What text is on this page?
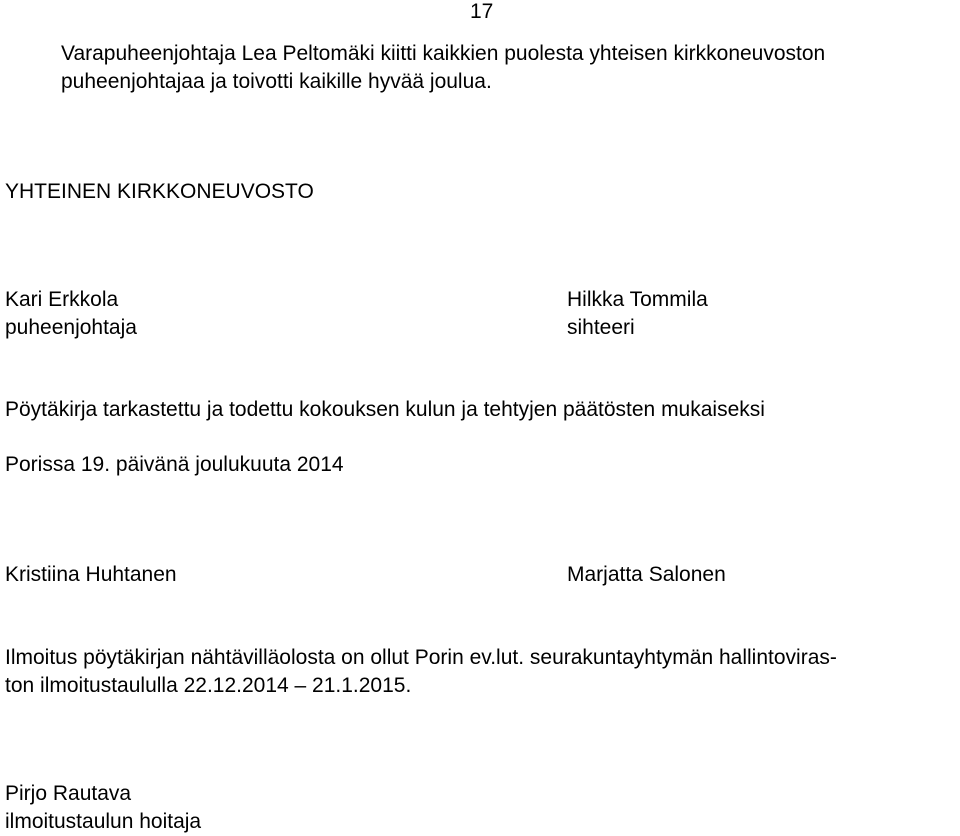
17
Varapuheenjohtaja Lea Peltomäki kiitti kaikkien puolesta yhteisen kirkkoneuvoston
puheenjohtajaa ja toivotti kaikille hyvää joulua.
YHTEINEN KIRKKONEUVOSTO
Kari Erkkola
puheenjohtaja
Hilkka Tommila
sihteeri
Pöytäkirja tarkastettu ja todettu kokouksen kulun ja tehtyjen päätösten mukaiseksi
Porissa 19. päivänä joulukuuta 2014
Kristiina Huhtanen	Marjatta Salonen
Ilmoitus pöytäkirjan nähtävilläolosta on ollut Porin ev.lut. seurakuntayhtymän hallintoviras-
ton ilmoitustaululla 22.12.2014 – 21.1.2015.
Pirjo Rautava
ilmoitustaulun hoitaja
